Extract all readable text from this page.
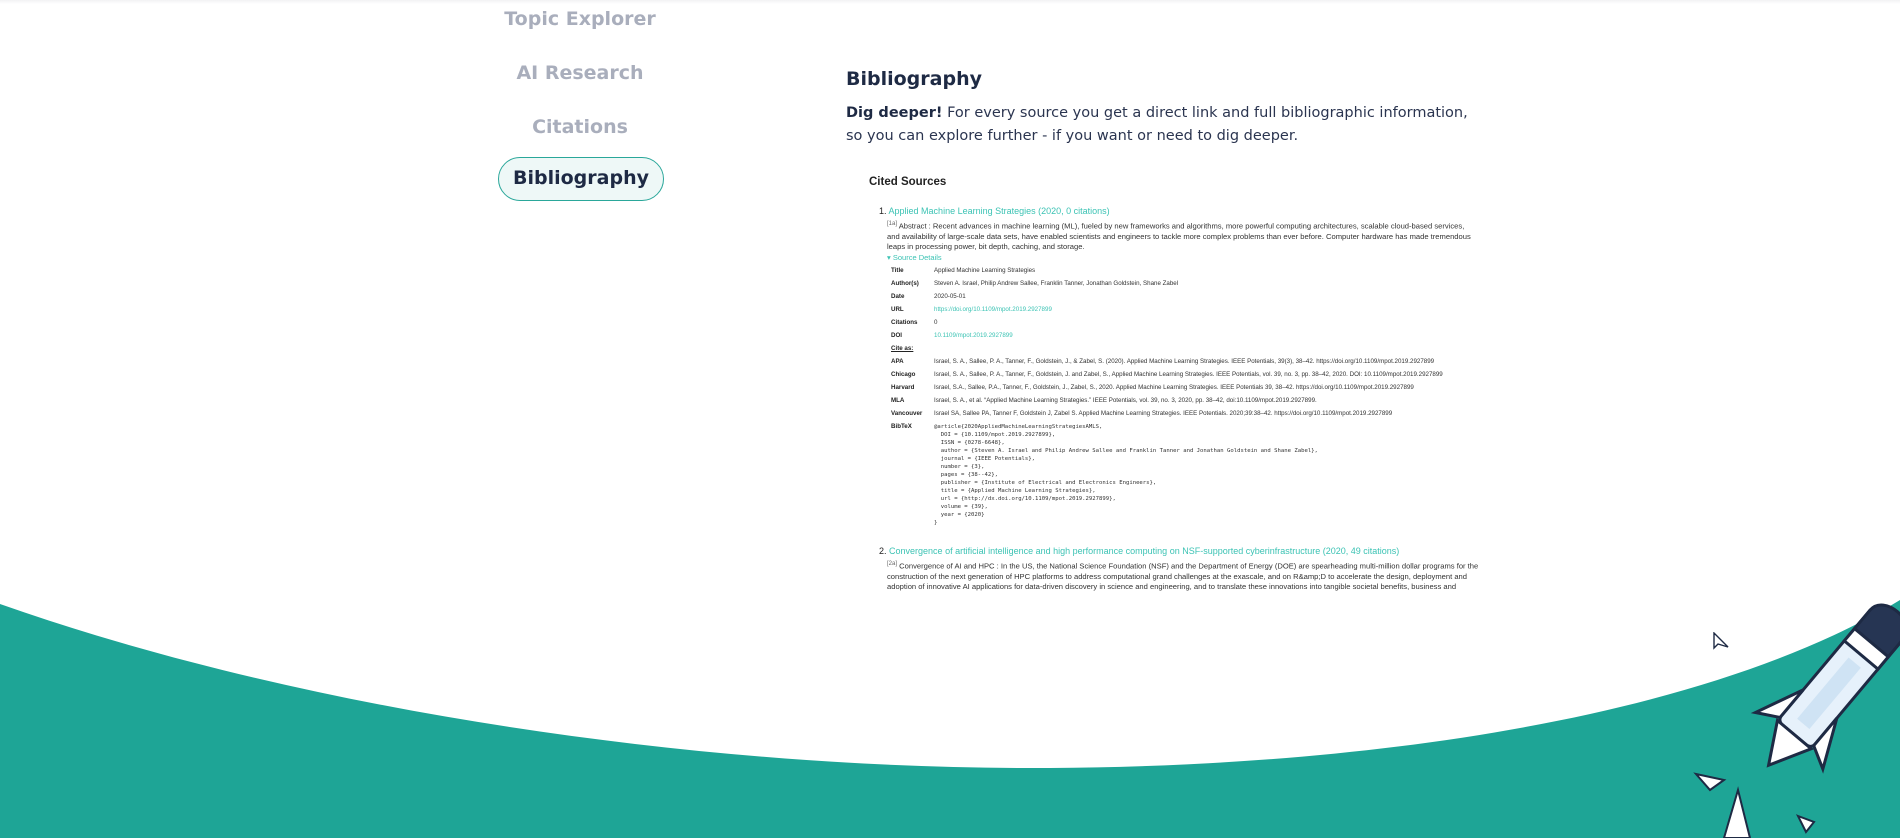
Topic Explorer
AI Research
Citations
Bibliography
Bibliography

Dig deeper! For every source you get a direct link and full bibliographic information, so you can explore further - if you want or need to dig deeper.

Cited Sources
1. Applied Machine Learning Strategies (2020, 0 citations)
[1a] Abstract : Recent advances in machine learning (ML), fueled by new frameworks and algorithms, more powerful computing architectures, scalable cloud-based services, and availability of large-scale data sets, have enabled scientists and engineers to tackle more complex problems than ever before. Computer hardware has made tremendous leaps in processing power, bit depth, caching, and storage.
▾ Source Details
Title	Applied Machine Learning Strategies
Author(s) Steven A. Israel, Philip Andrew Sallee, Franklin Tanner, Jonathan Goldstein, Shane Zabel
Date	2020-05-01
URL	https://doi.org/10.1109/mpot.2019.2927899
Citations	0
DOI	10.1109/mpot.2019.2927899
Cite as:
APA	Israel, S. A., Sallee, P. A., Tanner, F., Goldstein, J., & Zabel, S. (2020). Applied Machine Learning Strategies. IEEE Potentials, 39(3), 38–42. https://doi.org/10.1109/mpot.2019.2927899
Chicago	Israel, S. A., Sallee, P. A., Tanner, F., Goldstein, J. and Zabel, S., Applied Machine Learning Strategies. IEEE Potentials, vol. 39, no. 3, pp. 38–42, 2020. DOI: 10.1109/mpot.2019.2927899
Harvard	Israel, S.A., Sallee, P.A., Tanner, F., Goldstein, J., Zabel, S., 2020. Applied Machine Learning Strategies. IEEE Potentials 39, 38–42. https://doi.org/10.1109/mpot.2019.2927899
MLA	Israel, S. A., et al. “Applied Machine Learning Strategies.” IEEE Potentials, vol. 39, no. 3, 2020, pp. 38–42, doi:10.1109/mpot.2019.2927899.
Vancouver Israel SA, Sallee PA, Tanner F, Goldstein J, Zabel S. Applied Machine Learning Strategies. IEEE Potentials. 2020;39:38–42. https://doi.org/10.1109/mpot.2019.2927899
BibTeX	@article{2020AppliedMachineLearningStrategiesAMLS,
DOI = {10.1109/mpot.2019.2927899},
ISSN = {0278-6648},
author = {Steven A. Israel and Philip Andrew Sallee and Franklin Tanner and Jonathan Goldstein and Shane Zabel},
journal = {IEEE Potentials},
number = {3},
pages = {38--42},
publisher = {Institute of Electrical and Electronics Engineers},
title = {Applied Machine Learning Strategies},
url = {http://dx.doi.org/10.1109/mpot.2019.2927899},
volume = {39},
year = {2020}
}
2. Convergence of artificial intelligence and high performance computing on NSF-supported cyberinfrastructure (2020, 49 citations)
[2a] Convergence of AI and HPC : In the US, the National Science Foundation (NSF) and the Department of Energy (DOE) are spearheading multi-million dollar programs for the construction of the next generation of HPC platforms to address computational grand challenges at the exascale, and on R&amp;D to accelerate the design, deployment and adoption of innovative AI applications for data-driven discovery in science and engineering, and to translate these innovations into tangible societal benefits, business and
